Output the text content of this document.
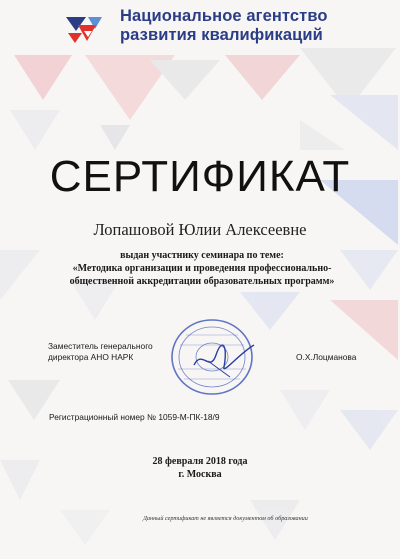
Национальное агентство
развития квалификаций
СЕРТИФИКАТ
Лопашовой Юлии Алексеевне
выдан участнику семинара по теме:
«Методика организации и проведения профессионально-
общественной аккредитации образовательных программ»
Заместитель генерального
директора АНО НАРК	О.Х.Лоцманова
Регистрационный номер № 1059-М-ПК-18/9
28 февраля 2018 года
г. Москва
Данный сертификат не является документом об образовании
